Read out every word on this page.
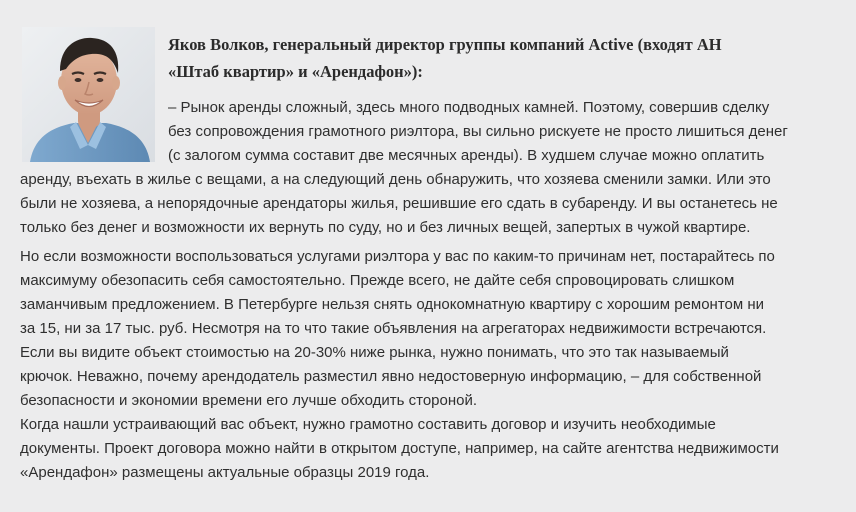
Яков Волков, генеральный директор группы компаний Active (входят АН
«Штаб квартир» и «Арендафон»):

– Рынок аренды сложный, здесь много подводных камней. Поэтому, совершив сделку
без сопровождения грамотного риэлтора, вы сильно рискуете не просто лишиться денег
(с залогом сумма составит две месячных аренды). В худшем случае можно оплатить

аренду, въехать в жилье с вещами, а на следующий день обнаружить, что хозяева сменили замки. Или это
были не хозяева, а непорядочные арендаторы жилья, решившие его сдать в субаренду. И вы останетесь не
только без денег и возможности их вернуть по суду, но и без личных вещей, запертых в чужой квартире.

Но если возможности воспользоваться услугами риэлтора у вас по каким-то причинам нет, постарайтесь по
максимуму обезопасить себя самостоятельно. Прежде всего, не дайте себя спровоцировать слишком
заманчивым предложением. В Петербурге нельзя снять однокомнатную квартиру с хорошим ремонтом ни
за 15, ни за 17 тыс. руб. Несмотря на то что такие объявления на агрегаторах недвижимости встречаются.
Если вы видите объект стоимостью на 20-30% ниже рынка, нужно понимать, что это так называемый
крючок. Неважно, почему арендодатель разместил явно недостоверную информацию, – для собственной
безопасности и экономии времени его лучше обходить стороной.

Когда нашли устраивающий вас объект, нужно грамотно составить договор и изучить необходимые
документы. Проект договора можно найти в открытом доступе, например, на сайте агентства недвижимости
«Арендафон» размещены актуальные образцы 2019 года.
